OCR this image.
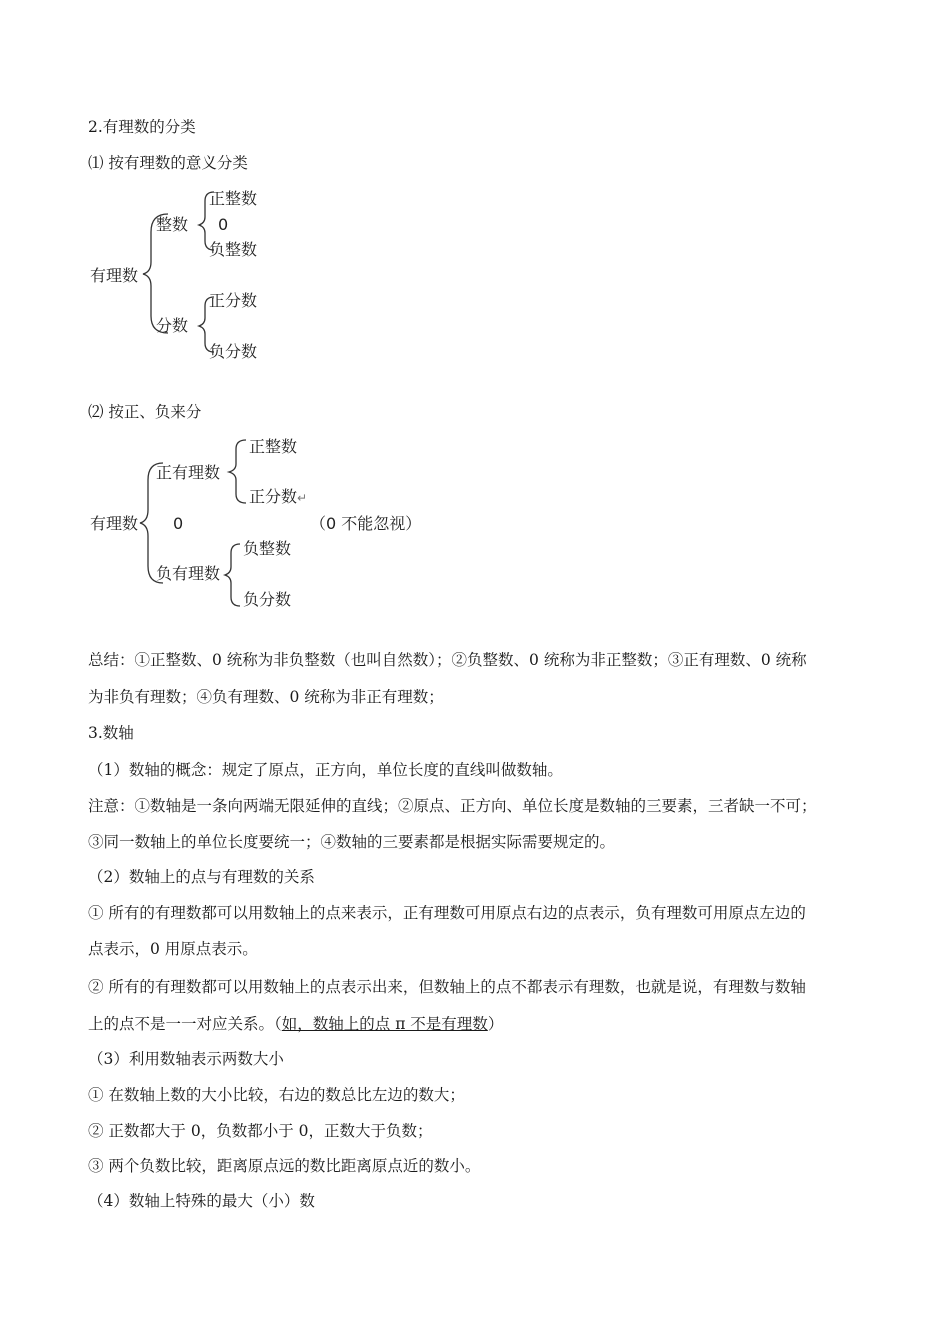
2.有理数的分类
⑴ 按有理数的意义分类
有理数
整数
正整数
0
负整数
分数
正分数
负分数
⑵ 按正、负来分
有理数
正有理数
正整数
正分数↵
0	（0 不能忽视）
负有理数
负整数
负分数
总结：①正整数、0 统称为非负整数（也叫自然数）；②负整数、0 统称为非正整数；③正有理数、0 统称
为非负有理数；④负有理数、0 统称为非正有理数；
3.数轴
（1）数轴的概念：规定了原点，正方向，单位长度的直线叫做数轴。
注意：①数轴是一条向两端无限延伸的直线；②原点、正方向、单位长度是数轴的三要素，三者缺一不可；
③同一数轴上的单位长度要统一；④数轴的三要素都是根据实际需要规定的。
（2）数轴上的点与有理数的关系
① 所有的有理数都可以用数轴上的点来表示，正有理数可用原点右边的点表示，负有理数可用原点左边的
点表示，0 用原点表示。
② 所有的有理数都可以用数轴上的点表示出来，但数轴上的点不都表示有理数，也就是说，有理数与数轴
上的点不是一一对应关系。（如，数轴上的点 π 不是有理数）
（3）利用数轴表示两数大小
① 在数轴上数的大小比较，右边的数总比左边的数大；
② 正数都大于 0，负数都小于 0，正数大于负数；
③ 两个负数比较，距离原点远的数比距离原点近的数小。
（4）数轴上特殊的最大（小）数
